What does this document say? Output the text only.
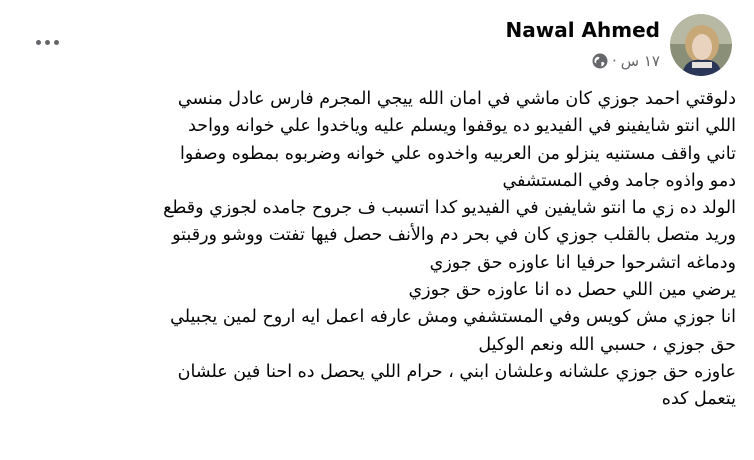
Nawal Ahmed
١٧ س
·
دلوقتي احمد جوزي كان ماشي في امان الله ييجي المجرم فارس عادل منسي
اللي انتو شايفينو في الفيديو ده يوقفوا ويسلم عليه وياخدوا علي خوانه وواحد
تاني واقف مستنيه ينزلو من العربيه واخدوه علي خوانه وضربوه بمطوه وصفوا
دمو واذوه جامد وفي المستشفي
الولد ده زي ما انتو شايفين في الفيديو كدا اتسبب ف جروح جامده لجوزي وقطع
وريد متصل بالقلب جوزي كان في بحر دم والأنف حصل فيها تفتت ووشو ورقبتو
ودماغه اتشرحوا حرفيا انا عاوزه حق جوزي
يرضي مين اللي حصل ده انا عاوزه حق جوزي
انا جوزي مش كويس وفي المستشفي ومش عارفه اعمل ايه اروح لمين يجبيلي
حق جوزي ، حسبي الله ونعم الوكيل
عاوزه حق جوزي علشانه وعلشان ابني ، حرام اللي يحصل ده احنا فين علشان
يتعمل كده
